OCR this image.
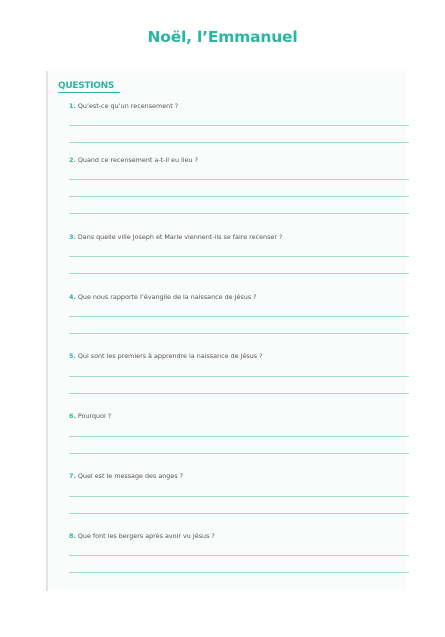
Noël, l’Emmanuel
QUESTIONS
1. Qu’est-ce qu’un recensement ?
2. Quand ce recensement a-t-il eu lieu ?
3. Dans quelle ville Joseph et Marie viennent-ils se faire recenser ?
4. Que nous rapporte l’évangile de la naissance de Jésus ?
5. Qui sont les premiers à apprendre la naissance de Jésus ?
6. Pourquoi ?
7. Quel est le message des anges ?
8. Que font les bergers après avoir vu Jésus ?
